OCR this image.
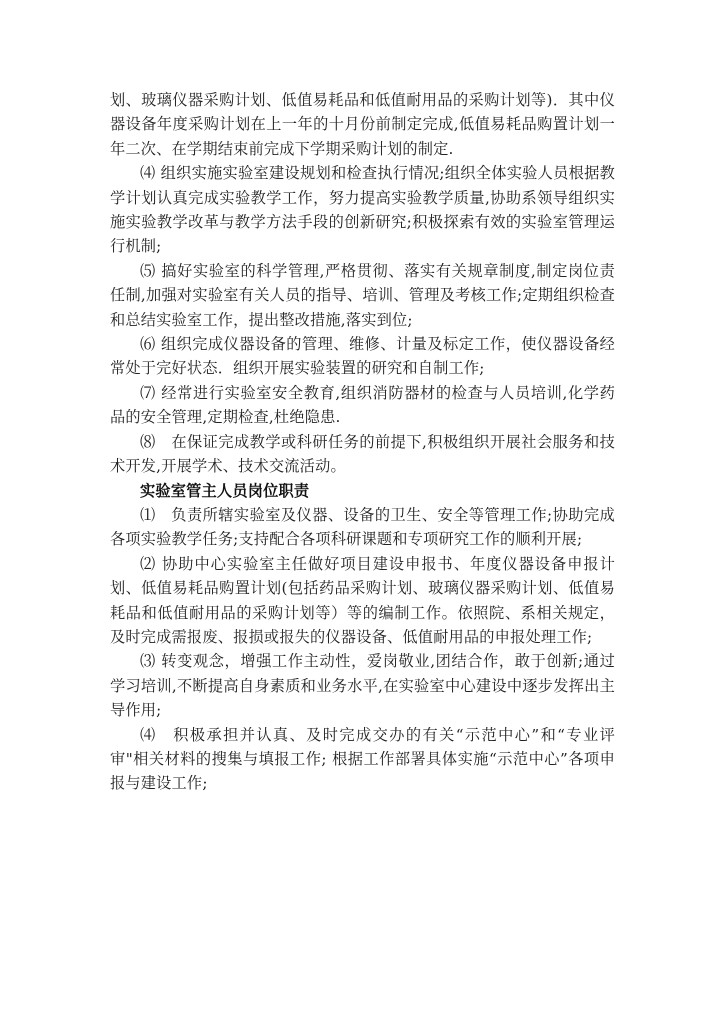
划、玻璃仪器采购计划、低值易耗品和低值耐用品的采购计划等)．其中仪器设备年度采购计划在上一年的十月份前制定完成,低值易耗品购置计划一年二次、在学期结束前完成下学期采购计划的制定.

⑷ 组织实施实验室建设规划和检查执行情况;组织全体实验人员根据教学计划认真完成实验教学工作，努力提高实验教学质量,协助系领导组织实施实验教学改革与教学方法手段的创新研究;积极探索有效的实验室管理运行机制;

⑸ 搞好实验室的科学管理,严格贯彻、落实有关规章制度,制定岗位责任制,加强对实验室有关人员的指导、培训、管理及考核工作;定期组织检查和总结实验室工作，提出整改措施,落实到位;

⑹ 组织完成仪器设备的管理、维修、计量及标定工作，使仪器设备经常处于完好状态．组织开展实验装置的研究和自制工作;

⑺ 经常进行实验室安全教育,组织消防器材的检查与人员培训,化学药品的安全管理,定期检查,杜绝隐患.

⑻　在保证完成教学或科研任务的前提下,积极组织开展社会服务和技术开发,开展学术、技术交流活动。

实验室管主人员岗位职责

⑴　负责所辖实验室及仪器、设备的卫生、安全等管理工作;协助完成各项实验教学任务;支持配合各项科研课题和专项研究工作的顺利开展;

⑵ 协助中心实验室主任做好项目建设申报书、年度仪器设备申报计划、低值易耗品购置计划(包括药品采购计划、玻璃仪器采购计划、低值易耗品和低值耐用品的采购计划等）等的编制工作。依照院、系相关规定，及时完成需报废、报损或报失的仪器设备、低值耐用品的申报处理工作;

⑶ 转变观念，增强工作主动性，爱岗敬业,团结合作，敢于创新;通过学习培训,不断提高自身素质和业务水平,在实验室中心建设中逐步发挥出主导作用;

⑷　积极承担并认真、及时完成交办的有关“示范中心”和“专业评审"相关材料的搜集与填报工作; 根据工作部署具体实施“示范中心”各项申报与建设工作;
